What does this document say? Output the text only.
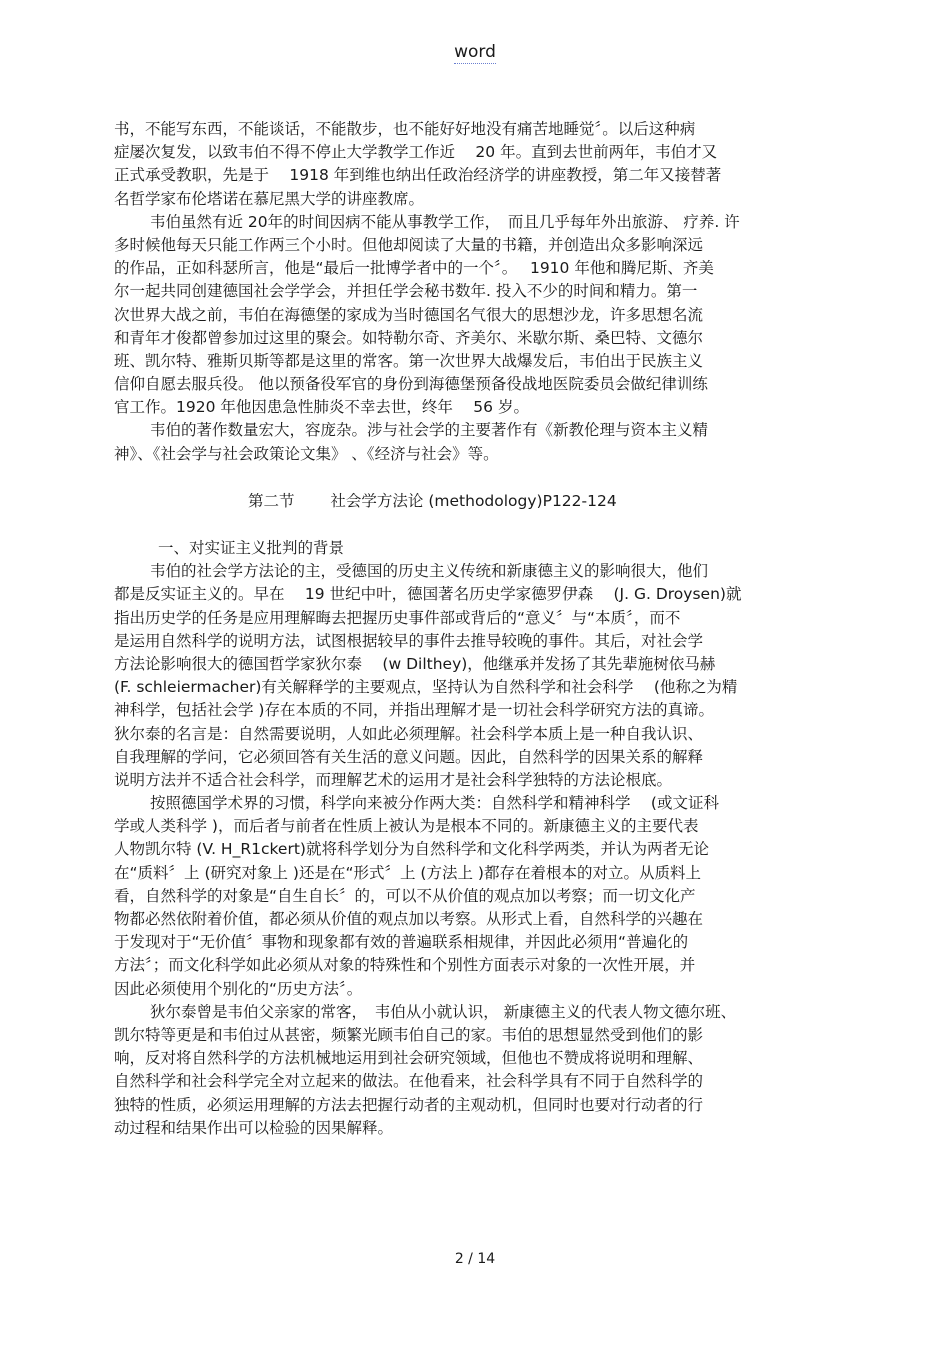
word
书，不能写东西，不能谈话，不能散步，也不能好好地没有痛苦地睡觉〞。以后这种病
症屡次复发，以致韦伯不得不停止大学教学工作近　 20 年。直到去世前两年，韦伯才又
正式承受教职，先是于　 1918 年到维也纳出任政治经济学的讲座教授，第二年又接替著
名哲学家布伦塔诺在慕尼黑大学的讲座教席。
韦伯虽然有近 20年的时间因病不能从事教学工作，　而且几乎每年外出旅游、 疗养. 许
多时候他每天只能工作两三个小时。但他却阅读了大量的书籍，并创造出众多影响深远
的作品，正如科瑟所言，他是“最后一批博学者中的一个〞。　 1910 年他和腾尼斯、齐美
尔一起共同创建德国社会学学会，并担任学会秘书数年. 投入不少的时间和精力。第一
次世界大战之前，韦伯在海德堡的家成为当时德国名气很大的思想沙龙，许多思想名流
和青年才俊都曾参加过这里的聚会。如特勒尔奇、齐美尔、米歇尔斯、桑巴特、文德尔
班、凯尔特、雅斯贝斯等都是这里的常客。第一次世界大战爆发后，韦伯出于民族主义
信仰自愿去服兵役。 他以预备役军官的身份到海德堡预备役战地医院委员会做纪律训练
官工作。1920 年他因患急性肺炎不幸去世，终年　 56 岁。
韦伯的著作数量宏大，容庞杂。涉与社会学的主要著作有《新教伦理与资本主义精
神》、《社会学与社会政策论文集》 、《经济与社会》等。
第二节　　 社会学方法论 (methodology)P122-124
一、对实证主义批判的背景
韦伯的社会学方法论的主，受德国的历史主义传统和新康德主义的影响很大，他们
都是反实证主义的。早在　 19 世纪中叶，德国著名历史学家德罗伊森　 (J. G. Droysen)就
指出历史学的任务是应用理解晦去把握历史事件部或背后的“意义〞与“本质〞，而不
是运用自然科学的说明方法，试图根据较早的事件去推导较晚的事件。其后，对社会学
方法论影响很大的德国哲学家狄尔泰　 (w Dilthey)，他继承并发扬了其先辈施树依马赫
(F. schleiermacher)有关解释学的主要观点，坚持认为自然科学和社会科学　 (他称之为精
神科学，包括社会学 )存在本质的不同，并指出理解才是一切社会科学研究方法的真谛。
狄尔泰的名言是：自然需要说明，人如此必须理解。社会科学本质上是一种自我认识、
自我理解的学问，它必须回答有关生活的意义问题。因此，自然科学的因果关系的解释
说明方法并不适合社会科学，而理解艺术的运用才是社会科学独特的方法论根底。
按照德国学术界的习惯，科学向来被分作两大类：自然科学和精神科学　 (或文证科
学或人类科学 )，而后者与前者在性质上被认为是根本不同的。新康德主义的主要代表
人物凯尔特 (V. H_R1ckert)就将科学划分为自然科学和文化科学两类，并认为两者无论
在“质料〞上 (研究对象上 )还是在“形式〞上 (方法上 )都存在着根本的对立。从质料上
看，自然科学的对象是“自生自长〞的，可以不从价值的观点加以考察；而一切文化产
物都必然依附着价值，都必须从价值的观点加以考察。从形式上看，自然科学的兴趣在
于发现对于“无价值〞事物和现象都有效的普遍联系相规律，并因此必须用“普遍化的
方法〞；而文化科学如此必须从对象的特殊性和个别性方面表示对象的一次性开展，并
因此必须使用个别化的“历史方法〞。
狄尔泰曾是韦伯父亲家的常客，　韦伯从小就认识， 新康德主义的代表人物文德尔班、
凯尔特等更是和韦伯过从甚密，频繁光顾韦伯自己的家。韦伯的思想显然受到他们的影
响，反对将自然科学的方法机械地运用到社会研究领域，但他也不赞成将说明和理解、
自然科学和社会科学完全对立起来的做法。在他看来，社会科学具有不同于自然科学的
独特的性质，必须运用理解的方法去把握行动者的主观动机，但同时也要对行动者的行
动过程和结果作出可以检验的因果解释。
2 / 14
